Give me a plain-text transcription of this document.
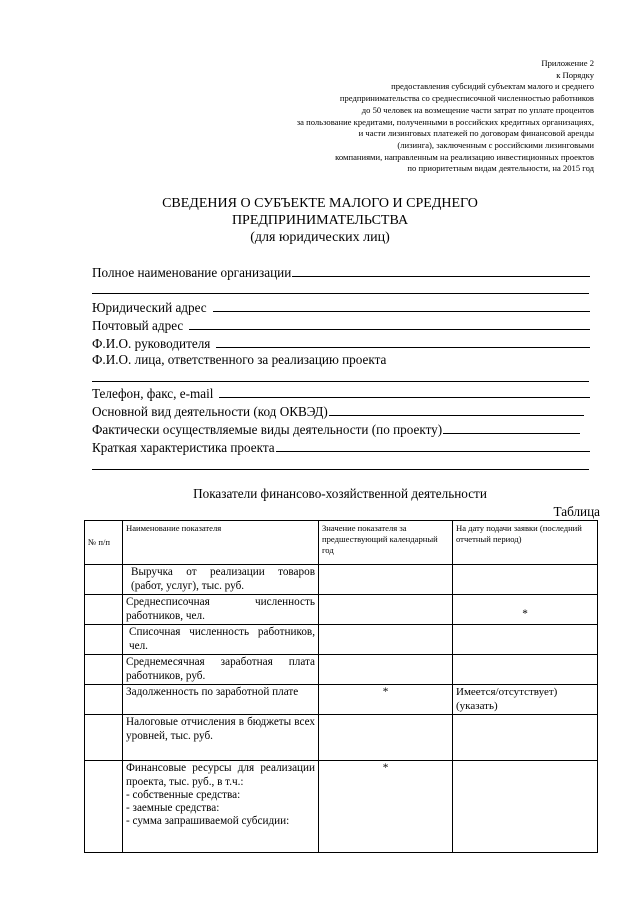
Приложение 2
к Порядку
предоставления субсидий субъектам малого и среднего
предпринимательства со среднесписочной численностью работников
до 50 человек на возмещение части затрат по уплате процентов
за пользование кредитами, полученными в российских кредитных организациях,
и части лизинговых платежей по договорам финансовой аренды
(лизинга), заключенным с российскими лизинговыми
компаниями, направленным на реализацию инвестиционных проектов
по приоритетным видам деятельности, на 2015 год
СВЕДЕНИЯ О СУБЪЕКТЕ МАЛОГО И СРЕДНЕГО
ПРЕДПРИНИМАТЕЛЬСТВА
(для юридических лиц)
Полное наименование организации
Юридический адрес
Почтовый адрес
Ф.И.О. руководителя
Ф.И.О. лица, ответственного за реализацию проекта
Телефон, факс, e-mail
Основной вид деятельности (код ОКВЭД)
Фактически осуществляемые виды деятельности (по проекту)
Краткая характеристика проекта
Показатели финансово-хозяйственной деятельности
Таблица
№ п/п	Наименование показателя	Значение показателя за предшествующий календарный год	На дату подачи заявки (последний отчетный период)
	Выручка от реализации товаров (работ, услуг), тыс. руб.		
	Среднесписочная численность работников, чел.		*
	Списочная численность работников, чел.		
	Среднемесячная заработная плата работников, руб.		
	Задолженность по заработной плате	*	Имеется/отсутствует) (указать)
	Налоговые отчисления в бюджеты всех уровней, тыс. руб.		

	Финансовые ресурсы для реализации проекта, тыс. руб., в т.ч.:
- собственные средства:
- заемные средства:
- сумма запрашиваемой субсидии:	*	
